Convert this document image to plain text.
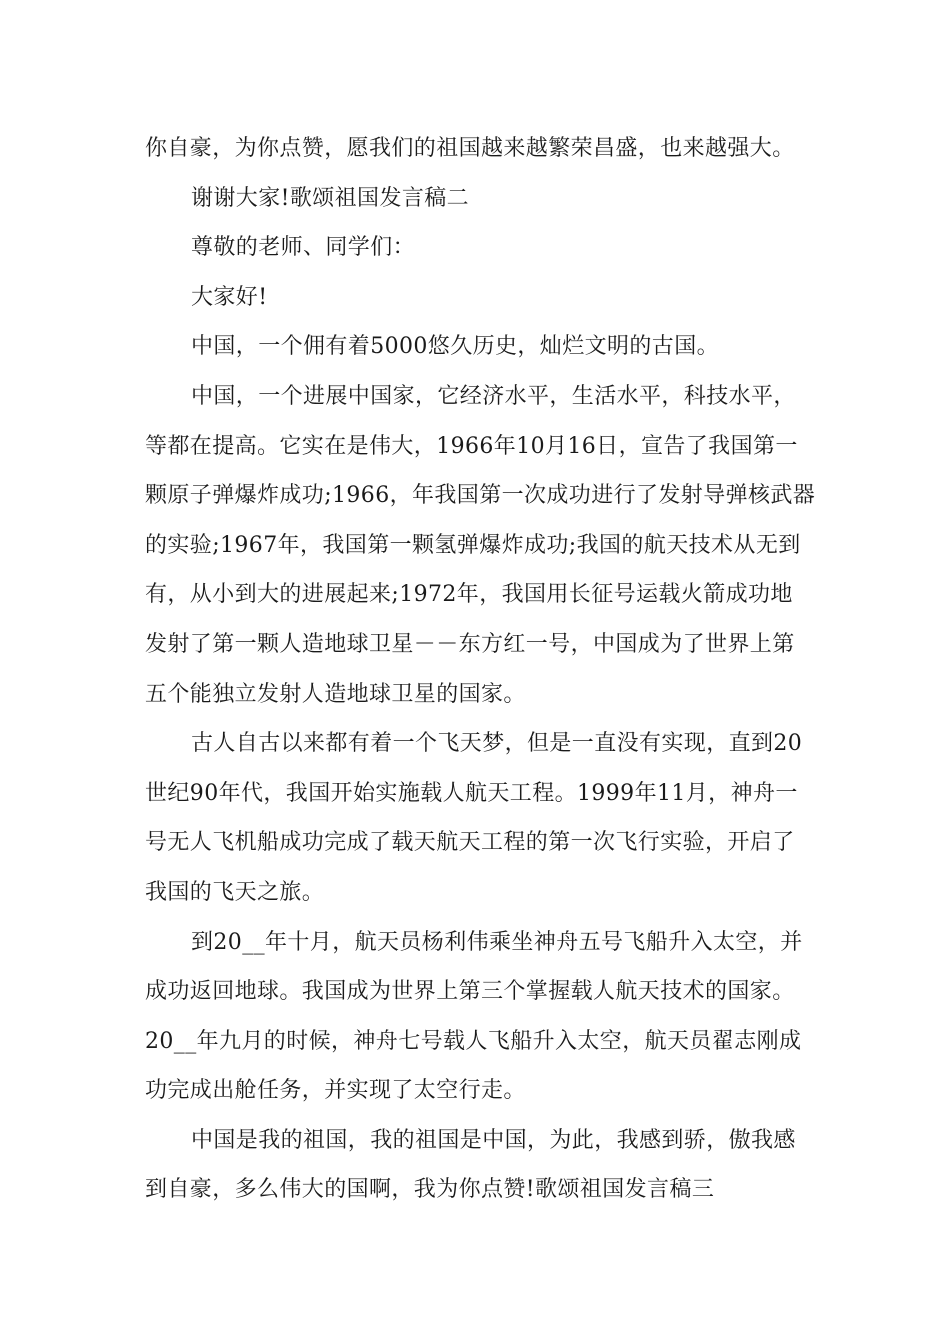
你自豪，为你点赞，愿我们的祖国越来越繁荣昌盛，也来越强大。
谢谢大家!歌颂祖国发言稿二
尊敬的老师、同学们：
大家好!
中国，一个佣有着5000悠久历史，灿烂文明的古国。
中国，一个进展中国家，它经济水平，生活水平，科技水平，
等都在提高。它实在是伟大，1966年10月16日，宣告了我国第一
颗原子弹爆炸成功;1966，年我国第一次成功进行了发射导弹核武器
的实验;1967年，我国第一颗氢弹爆炸成功;我国的航天技术从无到
有，从小到大的进展起来;1972年，我国用长征号运载火箭成功地
发射了第一颗人造地球卫星－－东方红一号，中国成为了世界上第
五个能独立发射人造地球卫星的国家。
古人自古以来都有着一个飞天梦，但是一直没有实现，直到20
世纪90年代，我国开始实施载人航天工程。1999年11月，神舟一
号无人飞机船成功完成了载天航天工程的第一次飞行实验，开启了
我国的飞天之旅。
到20__年十月，航天员杨利伟乘坐神舟五号飞船升入太空，并
成功返回地球。我国成为世界上第三个掌握载人航天技术的国家。
20__年九月的时候，神舟七号载人飞船升入太空，航天员翟志刚成
功完成出舱任务，并实现了太空行走。
中国是我的祖国，我的祖国是中国，为此，我感到骄，傲我感
到自豪，多么伟大的国啊，我为你点赞!歌颂祖国发言稿三
